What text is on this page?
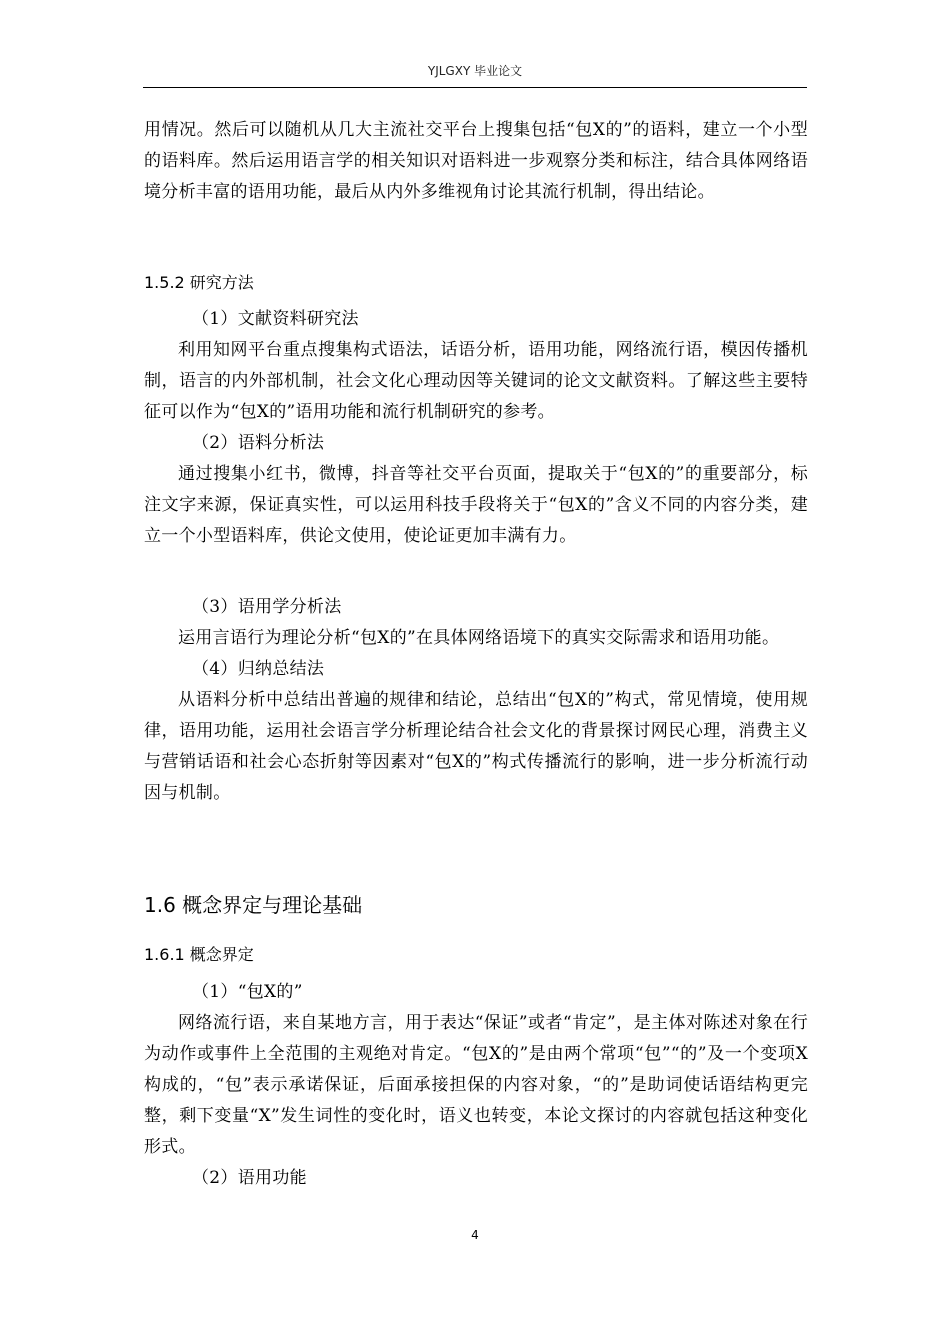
YJLGXY 毕业论文

用情况。然后可以随机从几大主流社交平台上搜集包括“包X的”的语料，建立一个小型的语料库。然后运用语言学的相关知识对语料进一步观察分类和标注，结合具体网络语境分析丰富的语用功能，最后从内外多维视角讨论其流行机制，得出结论。

1.5.2 研究方法

（1）文献资料研究法

利用知网平台重点搜集构式语法，话语分析，语用功能，网络流行语，模因传播机制，语言的内外部机制，社会文化心理动因等关键词的论文文献资料。了解这些主要特征可以作为“包X的”语用功能和流行机制研究的参考。

（2）语料分析法

通过搜集小红书，微博，抖音等社交平台页面，提取关于“包X的”的重要部分，标注文字来源，保证真实性，可以运用科技手段将关于“包X的”含义不同的内容分类，建立一个小型语料库，供论文使用，使论证更加丰满有力。

（3）语用学分析法

运用言语行为理论分析“包X的”在具体网络语境下的真实交际需求和语用功能。

（4）归纳总结法

从语料分析中总结出普遍的规律和结论，总结出“包X的”构式，常见情境，使用规律，语用功能，运用社会语言学分析理论结合社会文化的背景探讨网民心理，消费主义与营销话语和社会心态折射等因素对“包X的”构式传播流行的影响，进一步分析流行动因与机制。

1.6 概念界定与理论基础
1.6.1 概念界定

（1）“包X的”

网络流行语，来自某地方言，用于表达“保证”或者“肯定”，是主体对陈述对象在行为动作或事件上全范围的主观绝对肯定。“包X的”是由两个常项“包”“的”及一个变项X构成的，“包”表示承诺保证，后面承接担保的内容对象，“的”是助词使话语结构更完整，剩下变量“X”发生词性的变化时，语义也转变，本论文探讨的内容就包括这种变化形式。

（2）语用功能

4
